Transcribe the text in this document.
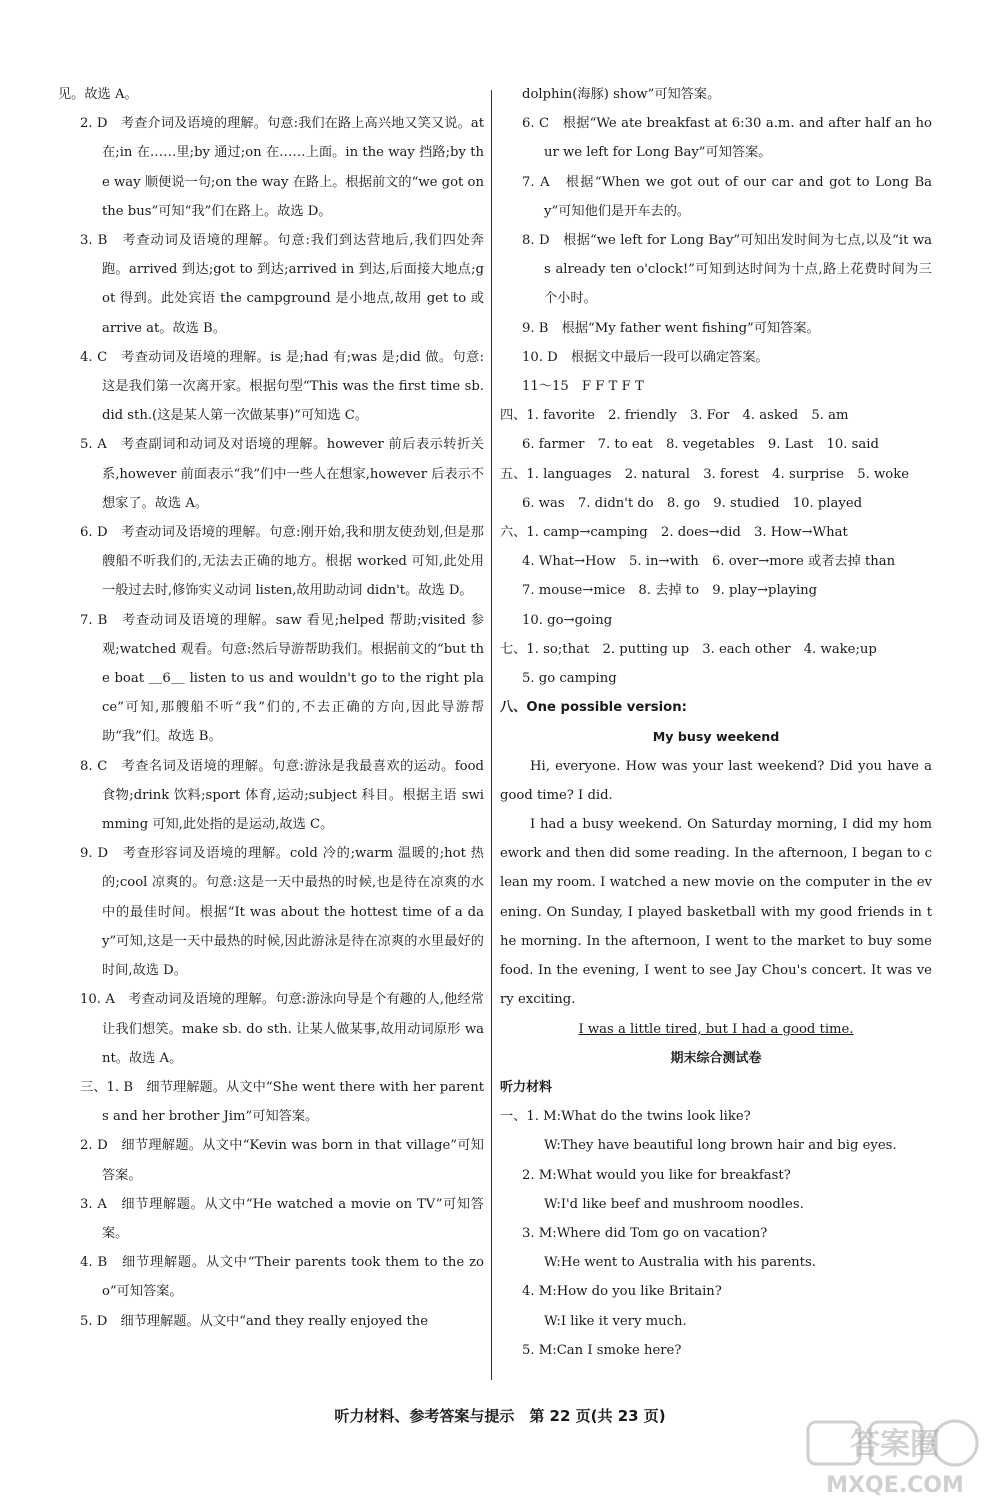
见。故选 A。
2. D　考查介词及语境的理解。句意:我们在路上高兴地又笑又说。at 在;in 在……里;by 通过;on 在……上面。in the way 挡路;by the way 顺便说一句;on the way 在路上。根据前文的“we got on the bus”可知“我”们在路上。故选 D。
3. B　考查动词及语境的理解。句意:我们到达营地后,我们四处奔跑。arrived 到达;got to 到达;arrived in 到达,后面接大地点;got 得到。此处宾语 the campground 是小地点,故用 get to 或 arrive at。故选 B。
4. C　考查动词及语境的理解。is 是;had 有;was 是;did 做。句意:这是我们第一次离开家。根据句型“This was the first time sb. did sth.(这是某人第一次做某事)”可知选 C。
5. A　考查副词和动词及对语境的理解。however 前后表示转折关系,however 前面表示“我”们中一些人在想家,however 后表示不想家了。故选 A。
6. D　考查动词及语境的理解。句意:刚开始,我和朋友使劲划,但是那艘船不听我们的,无法去正确的地方。根据 worked 可知,此处用一般过去时,修饰实义动词 listen,故用助动词 didn't。故选 D。
7. B　考查动词及语境的理解。saw 看见;helped 帮助;visited 参观;watched 观看。句意:然后导游帮助我们。根据前文的“but the boat ＿6＿ listen to us and wouldn't go to the right place”可知,那艘船不听“我”们的,不去正确的方向,因此导游帮助“我”们。故选 B。
8. C　考查名词及语境的理解。句意:游泳是我最喜欢的运动。food 食物;drink 饮料;sport 体育,运动;subject 科目。根据主语 swimming 可知,此处指的是运动,故选 C。
9. D　考查形容词及语境的理解。cold 冷的;warm 温暖的;hot 热的;cool 凉爽的。句意:这是一天中最热的时候,也是待在凉爽的水中的最佳时间。根据“It was about the hottest time of a day”可知,这是一天中最热的时候,因此游泳是待在凉爽的水里最好的时间,故选 D。
10. A　考查动词及语境的理解。句意:游泳向导是个有趣的人,他经常让我们想笑。make sb. do sth. 让某人做某事,故用动词原形 want。故选 A。
三、1. B　细节理解题。从文中“She went there with her parents and her brother Jim”可知答案。
2. D　细节理解题。从文中“Kevin was born in that village”可知答案。
3. A　细节理解题。从文中“He watched a movie on TV”可知答案。
4. B　细节理解题。从文中“Their parents took them to the zoo”可知答案。
5. D　细节理解题。从文中“and they really enjoyed the
dolphin(海豚) show”可知答案。
6. C　根据“We ate breakfast at 6:30 a.m. and after half an hour we left for Long Bay”可知答案。
7. A　根据“When we got out of our car and got to Long Bay”可知他们是开车去的。
8. D　根据“we left for Long Bay”可知出发时间为七点,以及“it was already ten o'clock!”可知到达时间为十点,路上花费时间为三个小时。
9. B　根据“My father went fishing”可知答案。
10. D　根据文中最后一段可以确定答案。
11～15　F F T F T
四、1. favorite　2. friendly　3. For　4. asked　5. am
6. farmer　7. to eat　8. vegetables　9. Last　10. said
五、1. languages　2. natural　3. forest　4. surprise　5. woke
6. was　7. didn't do　8. go　9. studied　10. played
六、1. camp→camping　2. does→did　3. How→What
4. What→How　5. in→with　6. over→more 或者去掉 than
7. mouse→mice　8. 去掉 to　9. play→playing
10. go→going
七、1. so;that　2. putting up　3. each other　4. wake;up
5. go camping
八、One possible version:
My busy weekend
Hi, everyone. How was your last weekend? Did you have a good time? I did.
I had a busy weekend. On Saturday morning, I did my homework and then did some reading. In the afternoon, I began to clean my room. I watched a new movie on the computer in the evening. On Sunday, I played basketball with my good friends in the morning. In the afternoon, I went to the market to buy some food. In the evening, I went to see Jay Chou's concert. It was very exciting.
I was a little tired, but I had a good time.
期末综合测试卷
听力材料
一、1. M:What do the twins look like?
W:They have beautiful long brown hair and big eyes.
2. M:What would you like for breakfast?
W:I'd like beef and mushroom noodles.
3. M:Where did Tom go on vacation?
W:He went to Australia with his parents.
4. M:How do you like Britain?
W:I like it very much.
5. M:Can I smoke here?
听力材料、参考答案与提示　第 22 页(共 23 页)
答案圈
MXQE.COM
